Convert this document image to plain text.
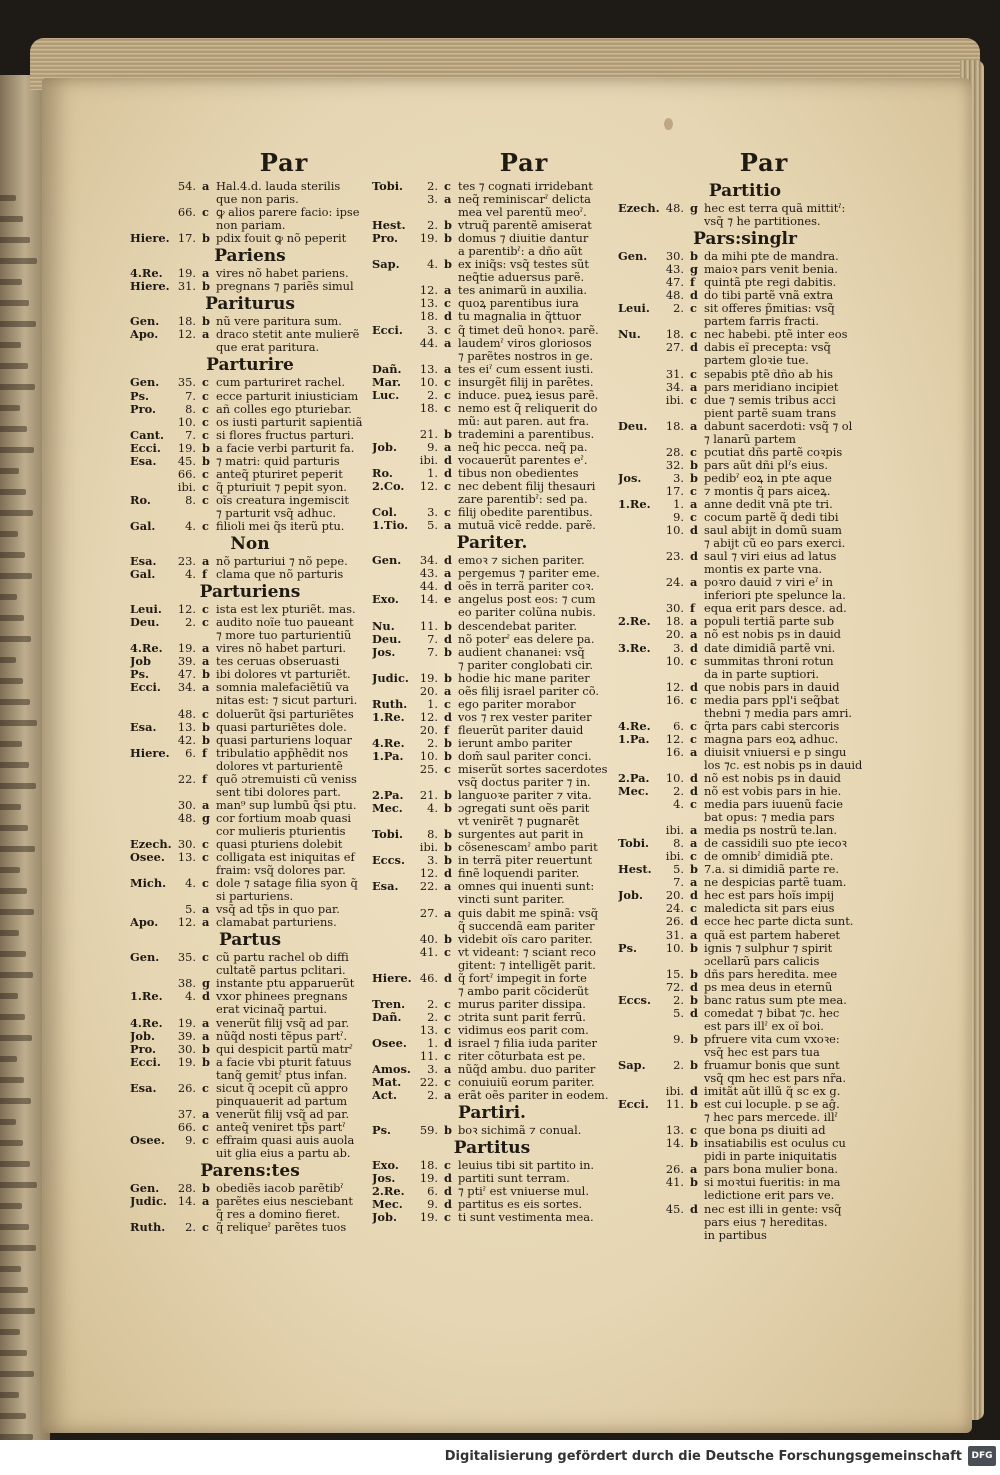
Par	Par	Par
54. a Hal.4.d. lauda sterilis
que non paris.
66. c ꝙ alios parere facio: ipse
non pariam.
Hiere. 17. b pdix fouit ꝙ nõ peperit
Pariens
4.Re.	19. a vires nõ habet pariens.
Hiere. 31. b pregnans ⁊ pariẽs simul
Pariturus
Gen.	18. b nũ vere paritura sum.
Apo.	12. a draco stetit ante mulierẽ
que erat paritura.
Parturire
Gen.	35. c cum parturiret rachel.
Ps.	7. c ecce parturit iniusticiam
Pro.	8. c añ colles ego pturiebar.
10. c os iusti parturit sapientiã
Cant.	7. c si flores fructus parturi.
Ecci.	19. b a facie verbi parturit fa.
Esa.	45. b ⁊ matri: quid parturis
66. c anteq̃ pturiret peperit
ibi. c q̃ pturiuit ⁊ pepit syon.
Ro.	8. c oĩs creatura ingemiscit
⁊ parturit vsq̃ adhuc.
Gal.	4. c filioli mei q̃s iterũ ptu.
Non
Esa.	23. a nõ parturiui ⁊ nõ pepe.
Gal.	4. f clama que nõ parturis
Parturiens
Leui.	12. c ista est lex pturiẽt. mas.
Deu.	2. c audito noĩe tuo paueant
⁊ more tuo parturientiũ
4.Re.	19. a vires nõ habet parturi.
Job	39. a tes ceruas obseruasti
Ps.	47. b ibi dolores vt parturiẽt.
Ecci.	34. a somnia malefaciẽtiũ va
nitas est: ⁊ sicut parturi.
48. c doluerũt q̃si parturiẽtes
Esa.	13. b quasi parturiẽtes dole.
42. b quasi parturiens loquar
Hiere.	6. f tribulatio app̃hẽdit nos
dolores vt parturientẽ
22. f quõ ɔtremuisti cũ veniss
sent tibi dolores part.
30. a man⁹ sup lumbũ q̃si ptu.
48. g cor fortium moab quasi
cor mulieris pturientis
Ezech. 30. c quasi pturiens dolebit
Osee.	13. c colligata est iniquitas ef
fraim: vsq̃ dolores par.
Mich.	4. c dole ⁊ satage filia syon q̃
si parturiens.
5. a vsq̃ ad tp̃s in quo par.
Apo.	12. a clamabat parturiens.
Partus
Gen.	35. c cũ partu rachel ob diffi
cultatẽ partus pclitari.
38. g instante ptu apparuerũt
1.Re.	4. d vxor phinees pregnans
erat vicinaq̃ partui.
4.Re.	19. a venerũt filij vsq̃ ad par.
Job.	39. a nũq̃d nosti tẽpus partˀ.
Pro.	30. b qui despicit partũ matrˀ
Ecci.	19. b a facie vbi pturit fatuus
tanq̃ gemitˀ ptus infan.
Esa.	26. c sicut q̃ ɔcepit cũ appro
pinquauerit ad partum
37. a venerũt filij vsq̃ ad par.
66. c anteq̃ veniret tp̃s partˀ
Osee.	9. c effraim quasi auis auola
uit glia eius a partu ab.
Parens:tes
Gen.	28. b obediẽs iacob parẽtibˀ
Judic. 14. a parẽtes eius nesciebant
q̃ res a domino fieret.
Ruth.	2. c q̃ reliqueˀ parẽtes tuos
Tobi.	2. c tes ⁊ cognati irridebant
3. a neq̃ reminiscarˀ delicta
mea vel parentũ meoˀ.
Hest.	2. b vtruq̃ parentẽ amiserat
Pro.	19. b domus ⁊ diuitie dantur
a parentibˀ: a dño aũt
Sap.	4. b ex iniq̃s: vsq̃ testes sũt
neq̃tie aduersus parẽ.
12. a tes animarũ in auxilia.
13. c quoꝝ parentibus iura
18. d tu magnalia in q̃ttuor
Ecci.	3. c q̃ timet deũ honoꝛ. parẽ.
44. a laudemˀ viros gloriosos
⁊ parẽtes nostros in ge.
Dañ.	13. a tes eiˀ cum essent iusti.
Mar.	10. c insurgẽt filij in parẽtes.
Luc.	2. c induce. pueꝝ iesus parẽ.
18. c nemo est q̃ reliquerit do
mũ: aut paren. aut fra.
21. b trademini a parentibus.
Job.	9. a neq̃ hic pecca. neq̃ pa.
ibi. d vocauerũt parentes eˀ.
Ro.	1. d tibus non obedientes
2.Co.	12. c nec debent filij thesauri
zare parentibˀ: sed pa.
Col.	3. c filij obedite parentibus.
1.Tio.	5. a mutuã vicẽ redde. parẽ.
Pariter.
Gen.	34. d emoꝛ ⁊ sichen pariter.
43. a pergemus ⁊ pariter eme.
44. d oẽs in terrã pariter coꝛ.
Exo.	14. e angelus post eos: ⁊ cum
eo pariter colũna nubis.
Nu.	11. b descendebat pariter.
Deu.	7. d nõ poterˀ eas delere pa.
Jos.	7. b audient chananei: vsq̃
⁊ pariter conglobati cir.
Judic. 19. b hodie hic mane pariter
20. a oẽs filij israel pariter cõ.
Ruth.	1. c ego pariter morabor
1.Re.	12. d vos ⁊ rex vester pariter
20. f fleuerũt pariter dauid
4.Re.	2. b ierunt ambo pariter
1.Pa.	10. b dom̃ saul pariter conci.
25. c miserũt sortes sacerdotes
vsq̃ doctus pariter ⁊ in.
2.Pa.	21. b languoꝛe pariter ⁊ vita.
Mec.	4. b ɔgregati sunt oẽs parit
vt venirẽt ⁊ pugnarẽt
Tobi.	8. b surgentes aut parit in
ibi. b cõsenescamˀ ambo parit
Eccs.	3. b in terrã piter reuertunt
12. d finẽ loquendi pariter.
Esa.	22. a omnes qui inuenti sunt:
vincti sunt pariter.
27. a quis dabit me spinã: vsq̃
q̃ succendã eam pariter
40. b videbit oĩs caro pariter.
41. c vt videant: ⁊ sciant reco
gitent: ⁊ intelligẽt parit.
Hiere. 46. d q̃ fortˀ impegit in forte
⁊ ambo parit cõciderũt
Tren.	2. c murus pariter dissipa.
Dañ.	2. c ɔtrita sunt parit ferrũ.
13. c vidimus eos parit com.
Osee.	1. d israel ⁊ filia iuda pariter
11. c riter cõturbata est pe.
Amos.	3. a nũq̃d ambu. duo pariter
Mat.	22. c conuiuiũ eorum pariter.
Act.	2. a erãt oẽs pariter in eodem.
Partiri.
Ps.	59. b boꝛ sichimã ⁊ conual.
Partitus
Exo.	18. c leuius tibi sit partito in.
Jos.	19. d partiti sunt terram.
2.Re.	6. d ⁊ ptiˀ est vniuerse mul.
Mec.	9. d partitus es eis sortes.
Job.	19. c ti sunt vestimenta mea.
Partitio
Ezech. 48. g hec est terra quã mittitˀ:
vsq̃ ⁊ he partitiones.
Pars:singlr
Gen.	30. b da mihi pte de mandra.
43. g maioꝛ pars venit benia.
47. f quintã pte regi dabitis.
48. d do tibi partẽ vnã extra
Leui.	2. c sit offeres p̃mitias: vsq̃
partem farris fracti.
Nu.	18. c nec habebi. ptẽ inter eos
27. d dabis eĩ precepta: vsq̃
partem gloꝛie tue.
31. c sepabis ptẽ dño ab his
34. a pars meridiano incipiet
ibi. c due ⁊ semis tribus acci
pient partẽ suam trans
Deu.	18. a dabunt sacerdoti: vsq̃ ⁊ ol
⁊ lanarũ partem
28. c pcutiat dñs partẽ coꝛpis
32. b pars aũt dñi plˀs eius.
Jos.	3. b pedibˀ eoꝝ in pte aque
17. c ⁊ montis q̃ pars aiceꝝ.
1.Re.	1. a anne dedit vnã pte tri.
9. c cocum partẽ q̃ dedi tibi
10. d saul abijt in domũ suam
⁊ abijt cũ eo pars exerci.
23. d saul ⁊ viri eius ad latus
montis ex parte vna.
24. a poꝛro dauid ⁊ viri eˀ in
inferiori pte spelunce la.
30. f equa erit pars desce. ad.
2.Re.	18. a populi tertiã parte sub
20. a nõ est nobis ps in dauid
3.Re.	3. d date dimidiã partẽ vni.
10. c summitas throni rotun
da in parte suptiori.
12. d que nobis pars in dauid
16. c media pars ppl'i seq̃bat
thebni ⁊ media pars amri.
4.Re.	6. c q̃rta pars cabi stercoris
1.Pa.	12. c magna pars eoꝝ adhuc.
16. a diuisit vniuersi e p singu
los ⁊c. est nobis ps in dauid
2.Pa.	10. d nõ est nobis ps in dauid
Mec.	2. d nõ est vobis pars in hie.
4. c media pars iuuenũ facie
bat opus: ⁊ media pars
ibi. a media ps nostrũ te.lan.
Tobi.	8. a de cassidili suo pte iecoꝛ
ibi. c de omnibˀ dimidiã pte.
Hest.	5. b 7.a. si dimidiã parte re.
7. a ne despicias partẽ tuam.
Job.	20. d hec est pars hoĩs impij
24. c maledicta sit pars eius
26. d ecce hec parte dicta sunt.
31. a quã est partem haberet
Ps.	10. b ignis ⁊ sulphur ⁊ spirit
ɔcellarũ pars calicis
15. b dñs pars heredita. mee
72. d ps mea deus in eternũ
Eccs.	2. b banc ratus sum pte mea.
5. d comedat ⁊ bibat ⁊c. hec
est pars illˀ ex oĩ boi.
9. b pfruere vita cum vxoꝛe:
vsq̃ hec est pars tua
Sap.	2. b fruamur bonis que sunt
vsq̃ qm hec est pars nr̃a.
ibi. d imitãt aũt illũ q̃ sc ex g.
Ecci.	11. b est cui locuple. p se aĝ.
⁊ hec pars mercede. illˀ
13. c que bona ps diuiti ad
14. b insatiabilis est oculus cu
pidi in parte iniquitatis
26. a pars bona mulier bona.
41. b si moꝛtui fueritis: in ma
ledictione erit pars ve.
45. d nec est illi in gente: vsq̃
pars eius ⁊ hereditas.
in partibus
Digitalisierung gefördert durch die Deutsche Forschungsgemeinschaft	DFG
